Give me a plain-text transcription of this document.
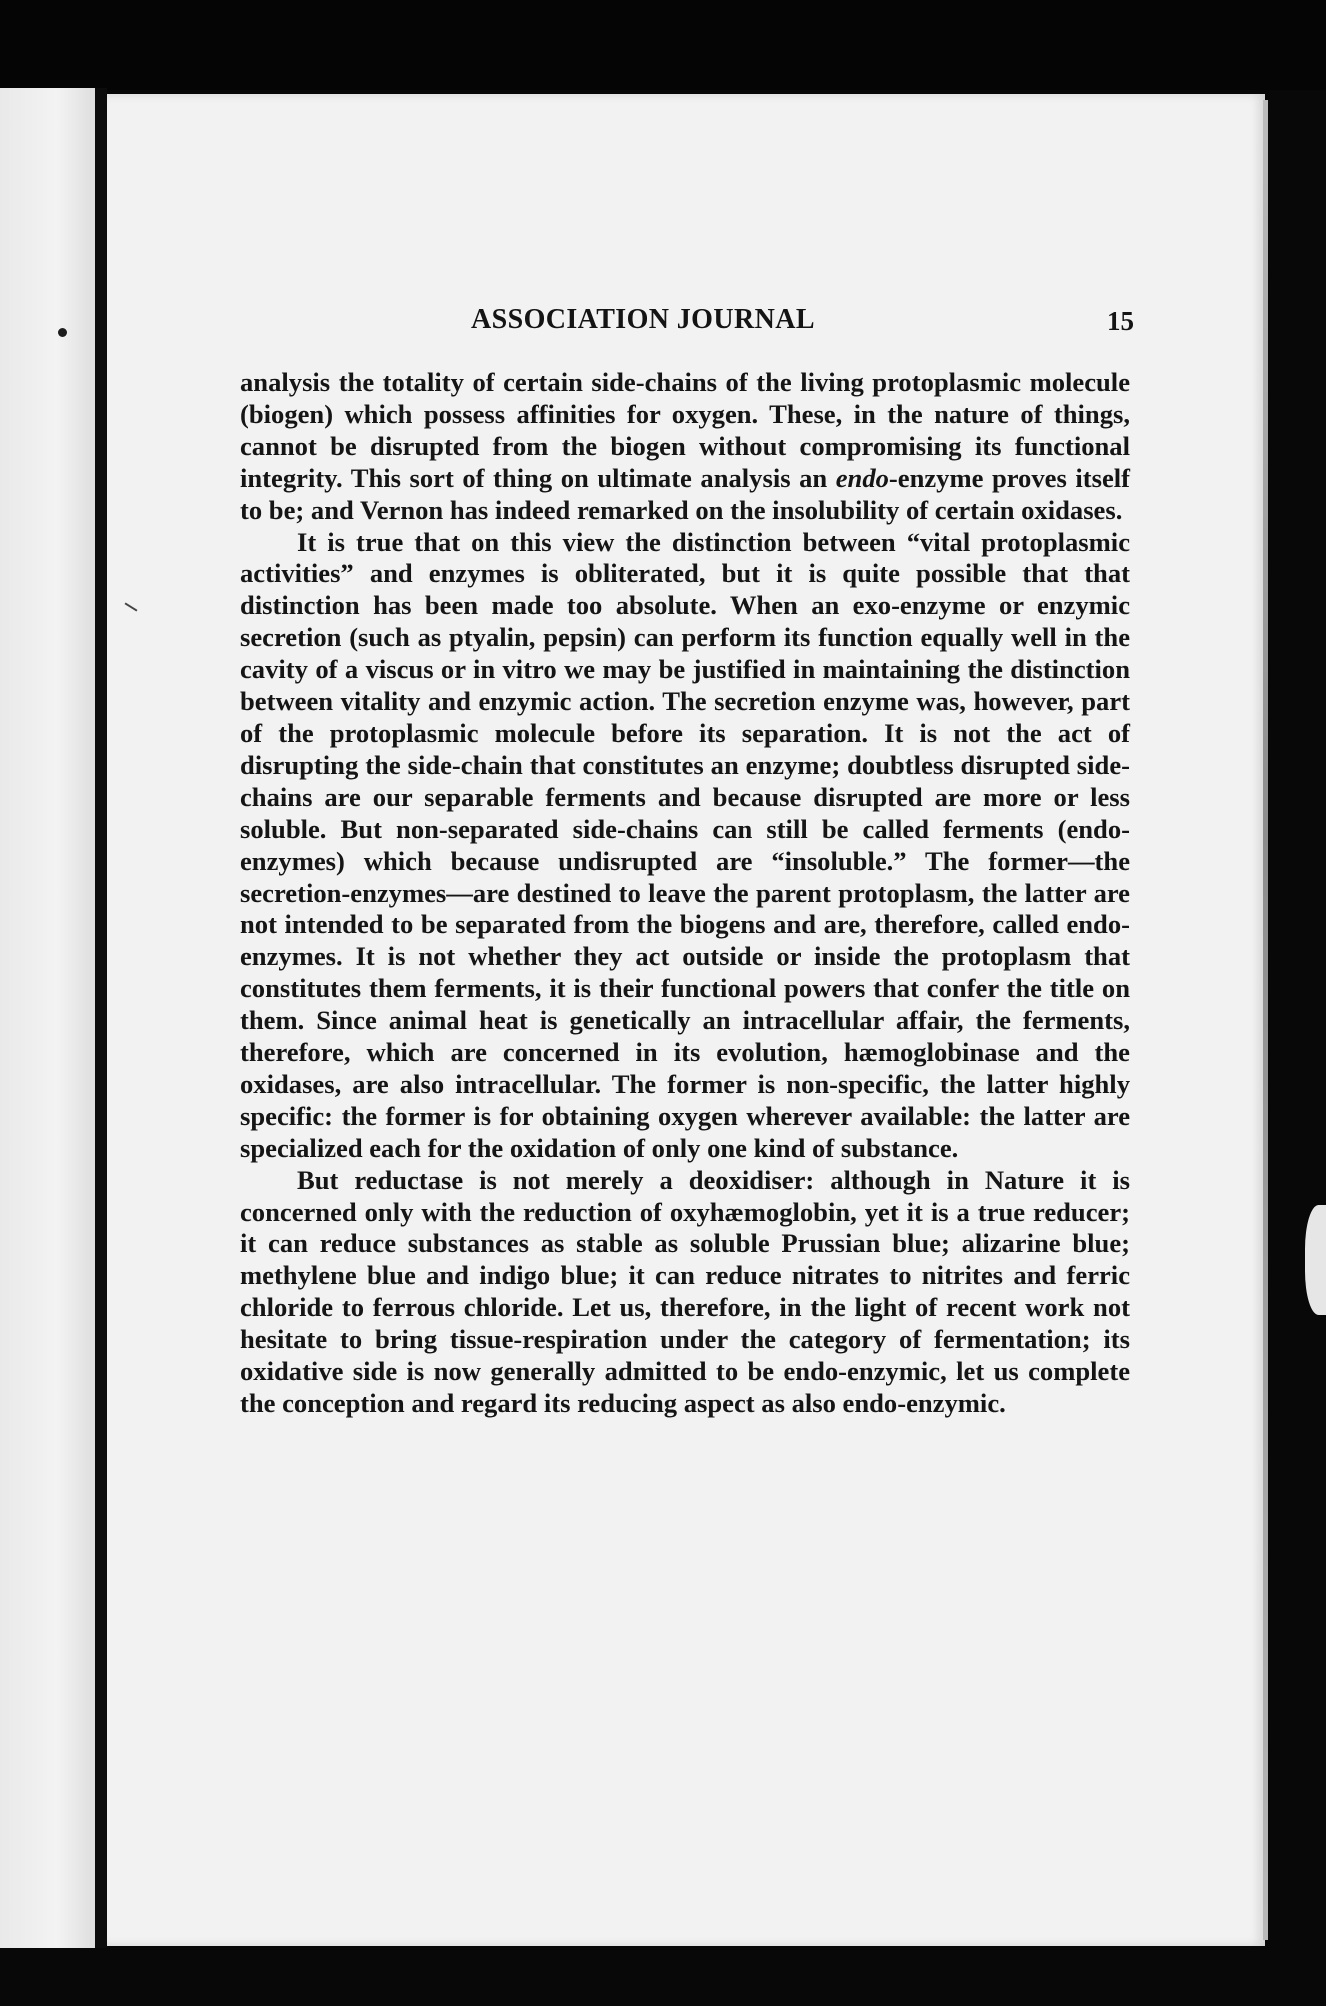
ASSOCIATION JOURNAL	15

analysis the totality of certain side-chains of the living protoplasmic molecule (biogen) which possess affinities for oxygen. These, in the nature of things, cannot be disrupted from the biogen without compromising its functional integrity. This sort of thing on ultimate analysis an endo-enzyme proves itself to be; and Vernon has indeed remarked on the insolubility of certain oxidases.

It is true that on this view the distinction between “vital protoplasmic activities” and enzymes is obliterated, but it is quite possible that that distinction has been made too absolute. When an exo-enzyme or enzymic secretion (such as ptyalin, pepsin) can perform its function equally well in the cavity of a viscus or in vitro we may be justified in maintaining the distinction between vitality and enzymic action. The secretion enzyme was, however, part of the protoplasmic molecule before its separation. It is not the act of disrupting the side-chain that constitutes an enzyme; doubtless disrupted side-chains are our separable ferments and because disrupted are more or less soluble. But non-separated side-chains can still be called ferments (endo-enzymes) which because undisrupted are “insoluble.” The former—the secretion-enzymes—are destined to leave the parent protoplasm, the latter are not intended to be separated from the biogens and are, therefore, called endo-enzymes. It is not whether they act outside or inside the protoplasm that constitutes them ferments, it is their functional powers that confer the title on them. Since animal heat is genetically an intracellular affair, the ferments, therefore, which are concerned in its evolution, hæmoglobinase and the oxidases, are also intracellular. The former is non-specific, the latter highly specific: the former is for obtaining oxygen wherever available: the latter are specialized each for the oxidation of only one kind of substance.

But reductase is not merely a deoxidiser: although in Nature it is concerned only with the reduction of oxyhæmoglobin, yet it is a true reducer; it can reduce substances as stable as soluble Prussian blue; alizarine blue; methylene blue and indigo blue; it can reduce nitrates to nitrites and ferric chloride to ferrous chloride. Let us, therefore, in the light of recent work not hesitate to bring tissue-respiration under the category of fermentation; its oxidative side is now generally admitted to be endo-enzymic, let us complete the conception and regard its reducing aspect as also endo-enzymic.
